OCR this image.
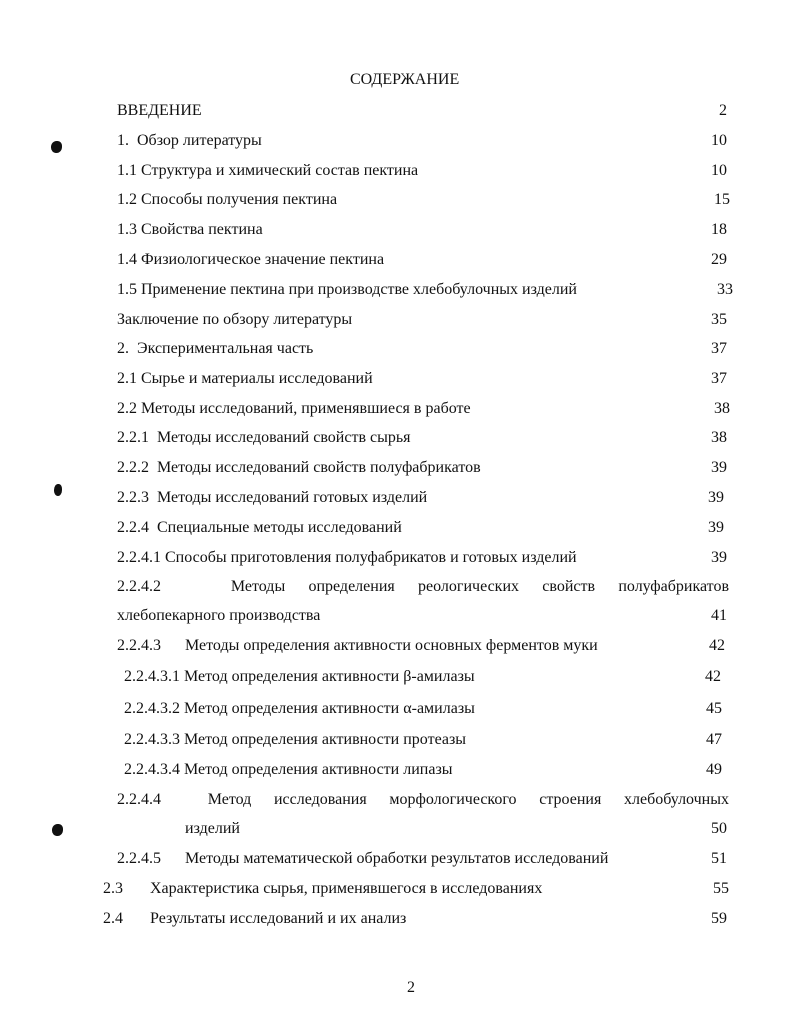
СОДЕРЖАНИЕ
ВВЕДЕНИЕ	2
1. Обзор литературы	10
1.1 Структура и химический состав пектина	10
1.2 Способы получения пектина	15
1.3 Свойства пектина	18
1.4 Физиологическое значение пектина	29
1.5 Применение пектина при производстве хлебобулочных изделий	33
Заключение по обзору литературы	35
2. Экспериментальная часть	37
2.1 Сырье и материалы исследований	37
2.2 Методы исследований, применявшиеся в работе	38
2.2.1 Методы исследований свойств сырья	38
2.2.2 Методы исследований свойств полуфабрикатов	39
2.2.3 Методы исследований готовых изделий	39
2.2.4 Специальные методы исследований	39
2.2.4.1 Способы приготовления полуфабрикатов и готовых изделий	39
2.2.4.2	Методы определения реологических свойств полуфабрикатов
хлебопекарного производства	41
2.2.4.3 Методы определения активности основных ферментов муки	42
2.2.4.3.1 Метод определения активности β-амилазы	42
2.2.4.3.2 Метод определения активности α-амилазы	45
2.2.4.3.3 Метод определения активности протеазы	47
2.2.4.3.4 Метод определения активности липазы	49
2.2.4.4	Метод исследования морфологического строения хлебобулочных
изделий	50
2.2.4.5 Методы математической обработки результатов исследований	51
2.3 Характеристика сырья, применявшегося в исследованиях	55
2.4 Результаты исследований и их анализ	59
2
